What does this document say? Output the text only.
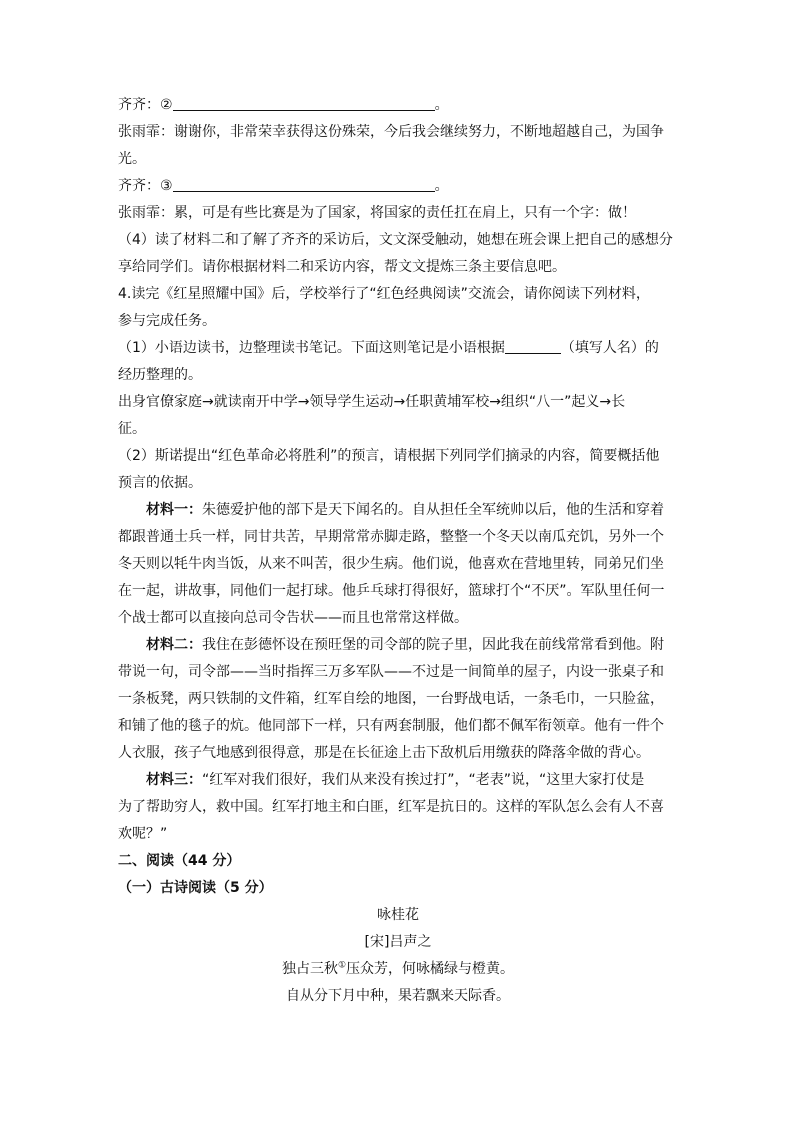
齐齐：②	。
张雨霏：谢谢你，非常荣幸获得这份殊荣，今后我会继续努力，不断地超越自己，为国争
光。
齐齐：③	。
张雨霏：累，可是有些比赛是为了国家，将国家的责任扛在肩上，只有一个字：做！
（4）读了材料二和了解了齐齐的采访后，文文深受触动，她想在班会课上把自己的感想分
享给同学们。请你根据材料二和采访内容，帮文文提炼三条主要信息吧。
4.读完《红星照耀中国》后，学校举行了“红色经典阅读”交流会，请你阅读下列材料，
参与完成任务。
（1）小语边读书，边整理读书笔记。下面这则笔记是小语根据	（填写人名）的
经历整理的。
出身官僚家庭→就读南开中学→领导学生运动→任职黄埔军校→组织“八一”起义→长
征。
（2）斯诺提出“红色革命必将胜利”的预言，请根据下列同学们摘录的内容，简要概括他
预言的依据。
材料一：朱德爱护他的部下是天下闻名的。自从担任全军统帅以后，他的生活和穿着
都跟普通士兵一样，同甘共苦，早期常常赤脚走路，整整一个冬天以南瓜充饥，另外一个
冬天则以牦牛肉当饭，从来不叫苦，很少生病。他们说，他喜欢在营地里转，同弟兄们坐
在一起，讲故事，同他们一起打球。他乒乓球打得很好，篮球打个“不厌”。军队里任何一
个战士都可以直接向总司令告状——而且也常常这样做。
材料二：我住在彭德怀设在预旺堡的司令部的院子里，因此我在前线常常看到他。附
带说一句，司令部——当时指挥三万多军队——不过是一间简单的屋子，内设一张桌子和
一条板凳，两只铁制的文件箱，红军自绘的地图，一台野战电话，一条毛巾，一只脸盆，
和铺了他的毯子的炕。他同部下一样，只有两套制服，他们都不佩军衔领章。他有一件个
人衣服，孩子气地感到很得意，那是在长征途上击下敌机后用缴获的降落伞做的背心。
材料三：“红军对我们很好，我们从来没有挨过打”，“老表”说，“这里大家打仗是
为了帮助穷人，救中国。红军打地主和白匪，红军是抗日的。这样的军队怎么会有人不喜
欢呢？”
二、阅读（44 分）
（一）古诗阅读（5 分）
咏桂花
[宋]吕声之
独占三秋①压众芳，何咏橘绿与橙黄。
自从分下月中种，果若飘来天际香。
